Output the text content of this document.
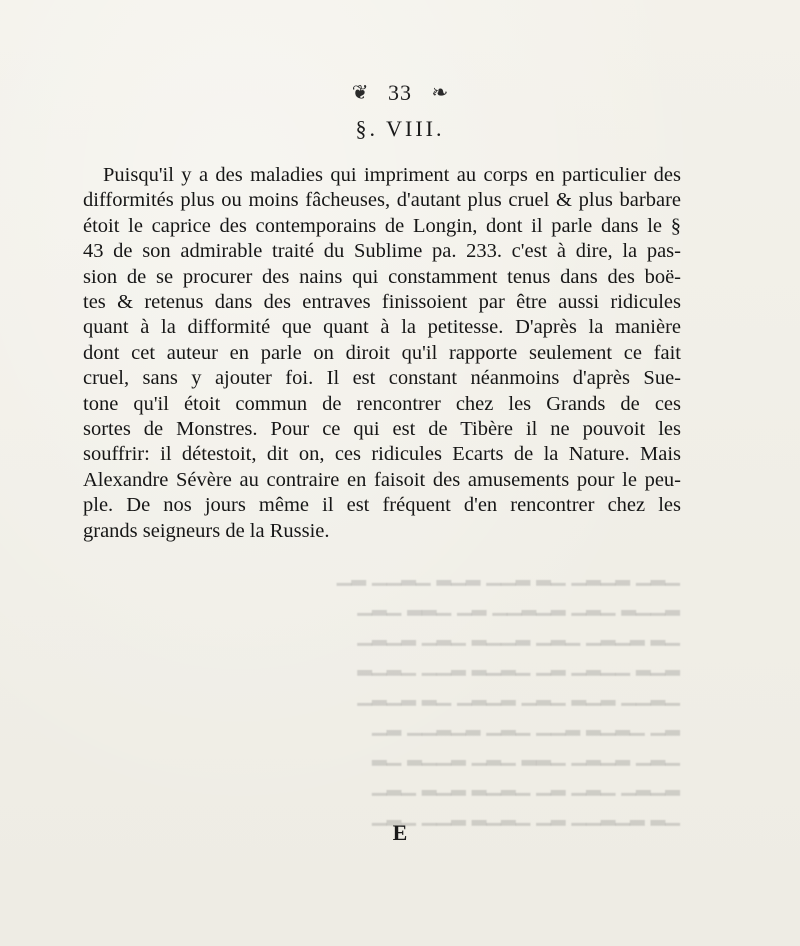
▁▂▁ ▂▁▂▁ ▁▂ ▂▁▁ ▂▁▂ ▁▂▁▁ ▂▁
▂▁▁▂ ▁▂▁ ▂▁▂▁▁ ▂▁ ▁▂▂ ▁▂▁
▁▂ ▂▁▂▁ ▁▂▁ ▂▁▁▂ ▁▂▁ ▂▁▂▁
▂▁▂ ▁▁▂▁ ▂▁ ▁▂▁▂ ▂▁▁ ▁▂▁▂
▁▂▁▁ ▂▁▂ ▁▂▁ ▂▁▂▁ ▁▂ ▂▁▂▁
▂▁ ▁▂▁▂ ▂▁▁ ▁▂▁ ▂▁▂▁▁ ▂▁
▁▂▁ ▂▁▂▁ ▁▂▂ ▁▂▁ ▂▁▁▂ ▁▂
▂▁▂▁ ▁▂▁ ▂▁ ▁▂▁▂ ▂▁▂ ▁▂▁
▁▂ ▂▁▂▁▁ ▂▁ ▁▂▁▂ ▂▁▁ ▁▂▁
❦ 33 ❧
§. VIII.
Puisqu'il y a des maladies qui impriment au corps en particulier des
difformités plus ou moins fâcheuses, d'autant plus cruel & plus barbare
étoit le caprice des contemporains de Longin, dont il parle dans le §
43 de son admirable traité du Sublime pa. 233. c'est à dire, la pas-
sion de se procurer des nains qui constamment tenus dans des boë-
tes & retenus dans des entraves finissoient par être aussi ridicules
quant à la difformité que quant à la petitesse. D'après la manière
dont cet auteur en parle on diroit qu'il rapporte seulement ce fait
cruel, sans y ajouter foi. Il est constant néanmoins d'après Sue-
tone qu'il étoit commun de rencontrer chez les Grands de ces
sortes de Monstres. Pour ce qui est de Tibère il ne pouvoit les
souffrir: il détestoit, dit on, ces ridicules Ecarts de la Nature. Mais
Alexandre Sévère au contraire en faisoit des amusements pour le peu-
ple. De nos jours même il est fréquent d'en rencontrer chez les
grands seigneurs de la Russie.
E
